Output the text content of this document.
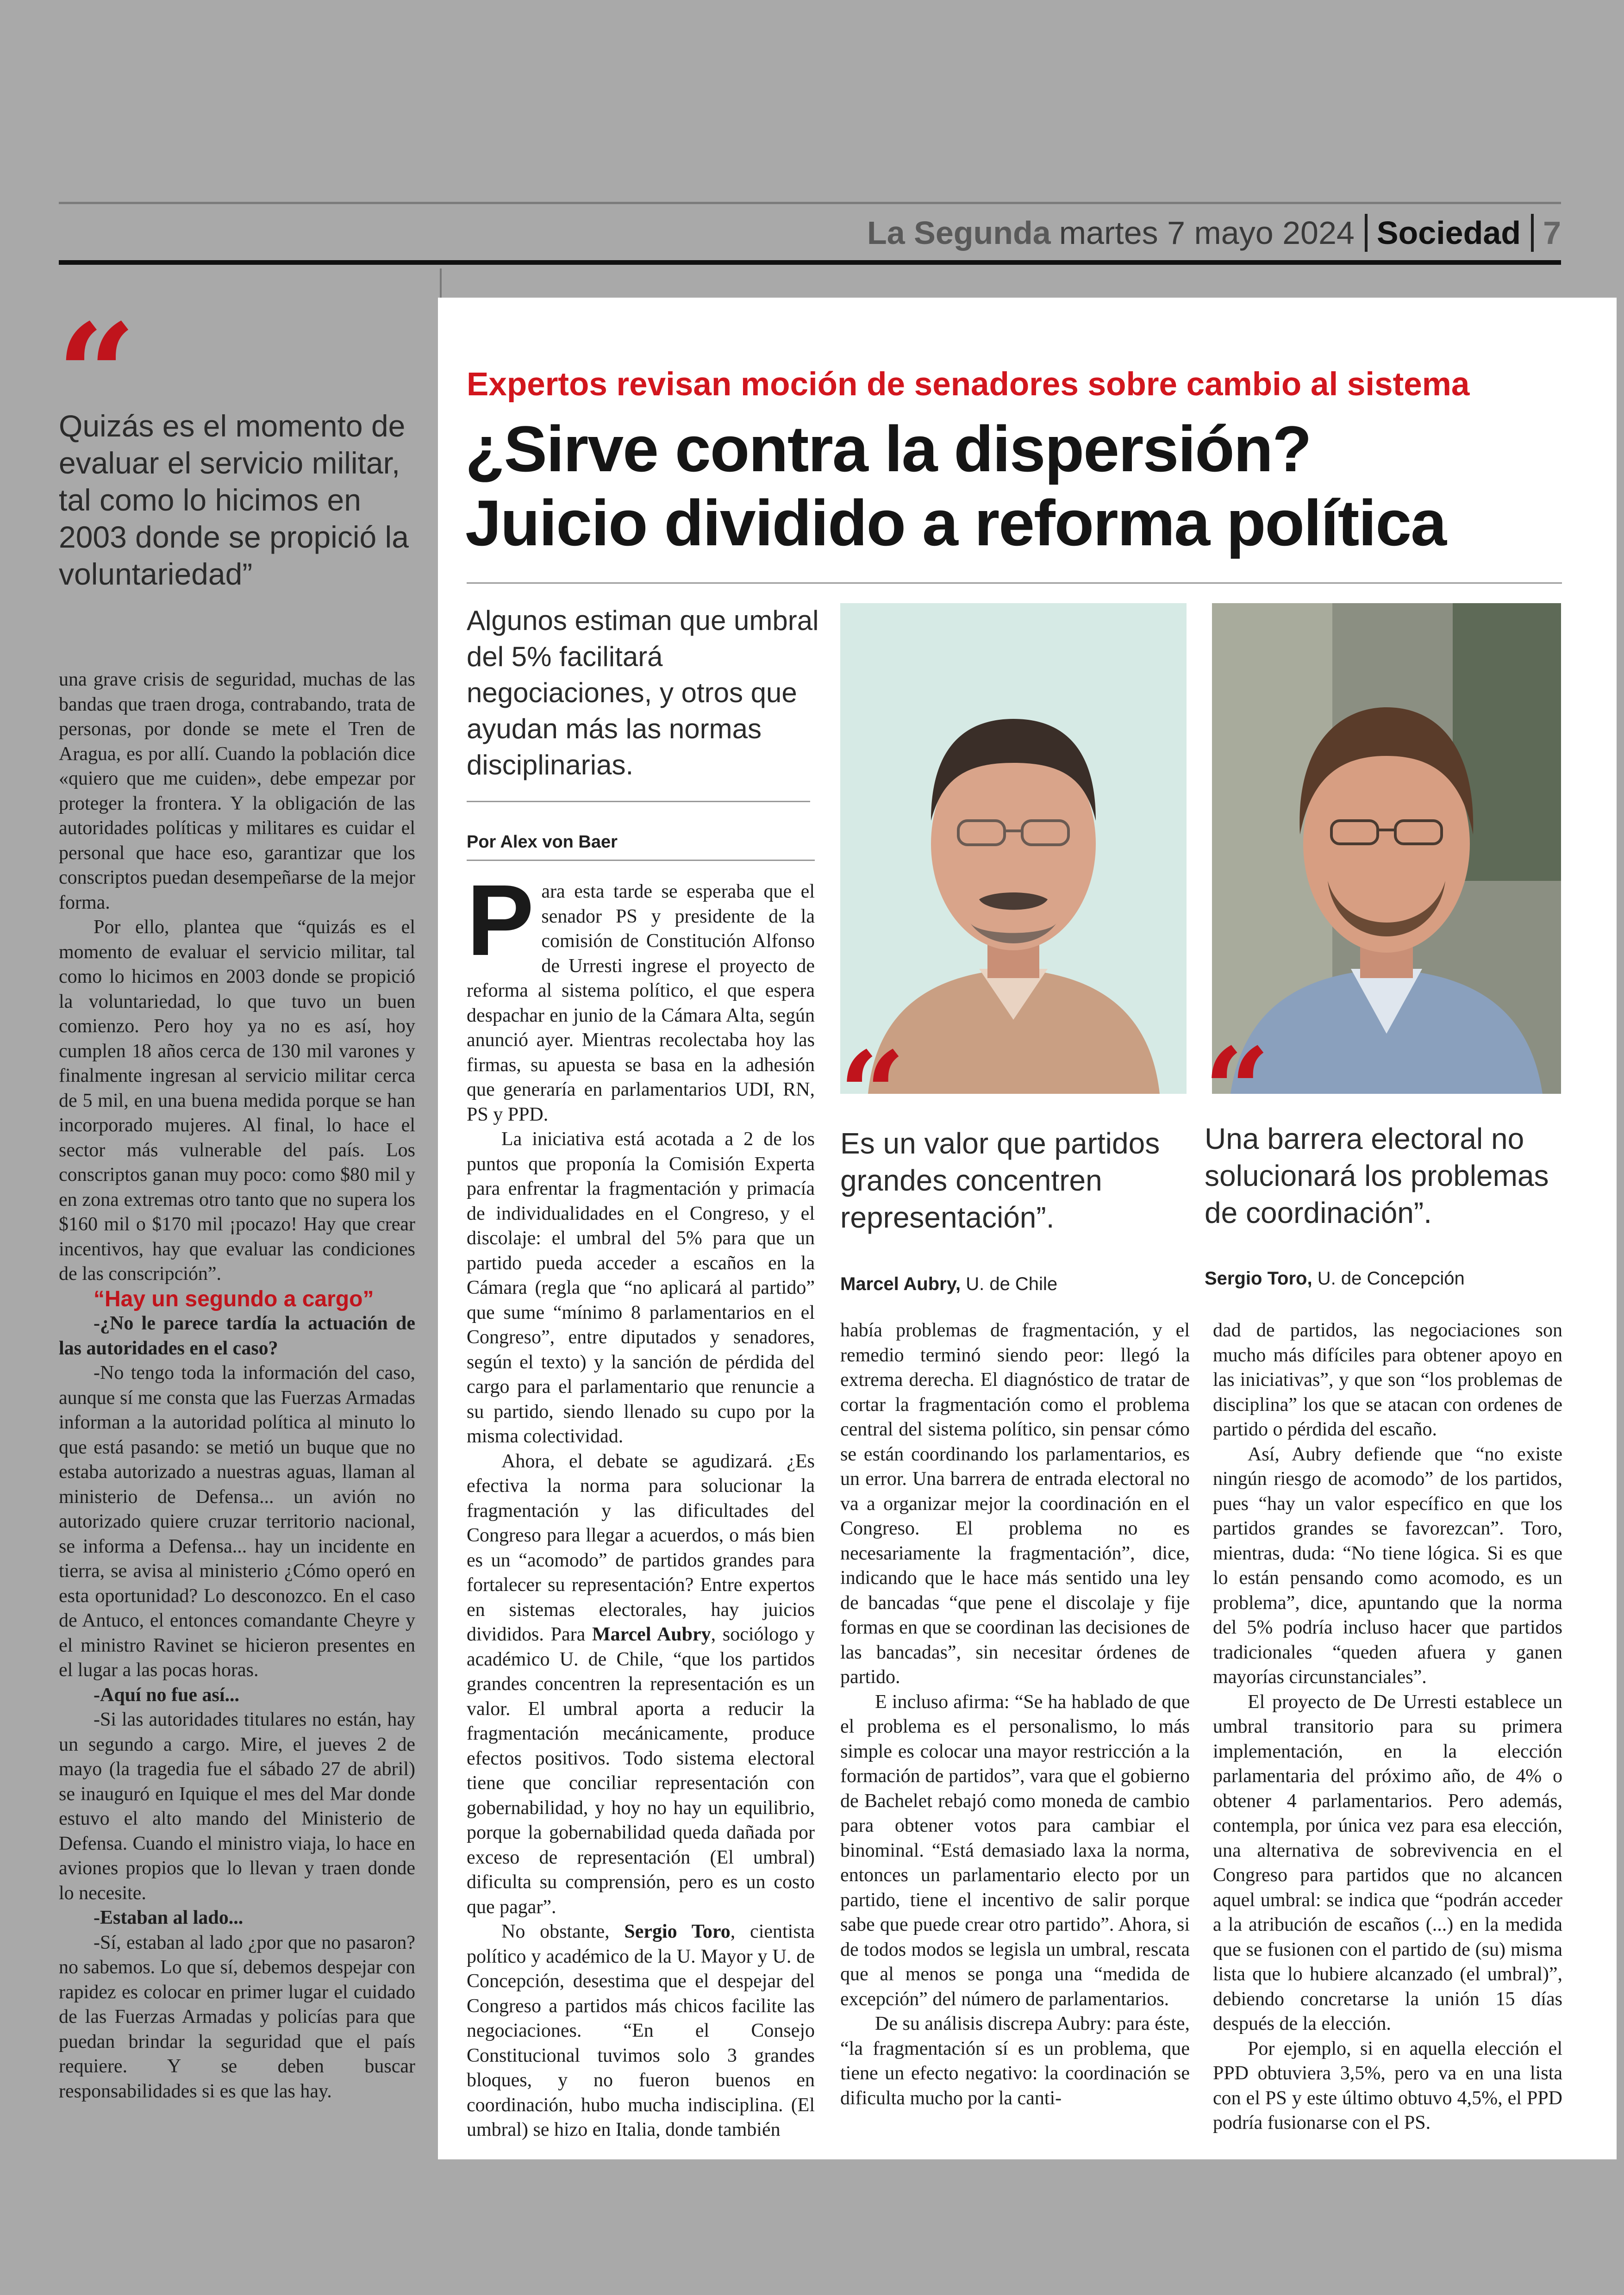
La Segunda martes 7 mayo 2024 Sociedad 7
“
Quizás es el momento de evaluar el servicio militar, tal como lo hicimos en 2003 donde se propició la voluntariedad”

una grave crisis de seguridad, muchas de las bandas que traen droga, contrabando, trata de personas, por donde se mete el Tren de Aragua, es por allí. Cuando la población dice «quiero que me cuiden», debe empezar por proteger la frontera. Y la obligación de las autoridades políticas y militares es cuidar el personal que hace eso, garantizar que los conscriptos puedan desempeñarse de la mejor forma.

Por ello, plantea que “quizás es el momento de evaluar el servicio militar, tal como lo hicimos en 2003 donde se propició la voluntariedad, lo que tuvo un buen comienzo. Pero hoy ya no es así, hoy cumplen 18 años cerca de 130 mil varones y finalmente ingresan al servicio militar cerca de 5 mil, en una buena medida porque se han incorporado mujeres. Al final, lo hace el sector más vulnerable del país. Los conscriptos ganan muy poco: como $80 mil y en zona extremas otro tanto que no supera los $160 mil o $170 mil ¡pocazo! Hay que crear incentivos, hay que evaluar las condiciones de las conscripción”.

“Hay un segundo a cargo”

-¿No le parece tardía la actuación de las autoridades en el caso?

-No tengo toda la información del caso, aunque sí me consta que las Fuerzas Armadas informan a la autoridad política al minuto lo que está pasando: se metió un buque que no estaba autorizado a nuestras aguas, llaman al ministerio de Defensa... un avión no autorizado quiere cruzar territorio nacional, se informa a Defensa... hay un incidente en tierra, se avisa al ministerio ¿Cómo operó en esta oportunidad? Lo desconozco. En el caso de Antuco, el entonces comandante Cheyre y el ministro Ravinet se hicieron presentes en el lugar a las pocas horas.

-Aquí no fue así...

-Si las autoridades titulares no están, hay un segundo a cargo. Mire, el jueves 2 de mayo (la tragedia fue el sábado 27 de abril) se inauguró en Iquique el mes del Mar donde estuvo el alto mando del Ministerio de Defensa. Cuando el ministro viaja, lo hace en aviones propios que lo llevan y traen donde lo necesite.

-Estaban al lado...

-Sí, estaban al lado ¿por que no pasaron? no sabemos. Lo que sí, debemos despejar con rapidez es colocar en primer lugar el cuidado de las Fuerzas Armadas y policías para que puedan brindar la seguridad que el país requiere. Y se deben buscar responsabilidades si es que las hay.

Expertos revisan moción de senadores sobre cambio al sistema
¿Sirve contra la dispersión?
Juicio dividido a reforma política
Algunos estiman que umbral del 5% facilitará negociaciones, y otros que ayudan más las normas disciplinarias.
Por Alex von Baer
“
Es un valor que partidos grandes concentren representación”.
Marcel Aubry, U. de Chile
“
Una barrera electoral no solucionará los problemas de coordinación”.
Sergio Toro, U. de Concepción

Para esta tarde se esperaba que el senador PS y presidente de la comisión de Constitución Alfonso de Urresti ingrese el proyecto de reforma al sistema político, el que espera despachar en junio de la Cámara Alta, según anunció ayer. Mientras recolectaba hoy las firmas, su apuesta se basa en la adhesión que generaría en parlamentarios UDI, RN, PS y PPD.

La iniciativa está acotada a 2 de los puntos que proponía la Comisión Experta para enfrentar la fragmentación y primacía de individualidades en el Congreso, y el discolaje: el umbral del 5% para que un partido pueda acceder a escaños en la Cámara (regla que “no aplicará al partido” que sume “mínimo 8 parlamentarios en el Congreso”, entre diputados y senadores, según el texto) y la sanción de pérdida del cargo para el parlamentario que renuncie a su partido, siendo llenado su cupo por la misma colectividad.

Ahora, el debate se agudizará. ¿Es efectiva la norma para solucionar la fragmentación y las dificultades del Congreso para llegar a acuerdos, o más bien es un “acomodo” de partidos grandes para fortalecer su representación? Entre expertos en sistemas electorales, hay juicios divididos. Para Marcel Aubry, sociólogo y académico U. de Chile, “que los partidos grandes concentren la representación es un valor. El umbral aporta a reducir la fragmentación mecánicamente, produce efectos positivos. Todo sistema electoral tiene que conciliar representación con gobernabilidad, y hoy no hay un equilibrio, porque la gobernabilidad queda dañada por exceso de representación (El umbral) dificulta su comprensión, pero es un costo que pagar”.

No obstante, Sergio Toro, cientista político y académico de la U. Mayor y U. de Concepción, desestima que el despejar del Congreso a partidos más chicos facilite las negociaciones. “En el Consejo Constitucional tuvimos solo 3 grandes bloques, y no fueron buenos en coordinación, hubo mucha indisciplina. (El umbral) se hizo en Italia, donde también

había problemas de fragmentación, y el remedio terminó siendo peor: llegó la extrema derecha. El diagnóstico de tratar de cortar la fragmentación como el problema central del sistema político, sin pensar cómo se están coordinando los parlamentarios, es un error. Una barrera de entrada electoral no va a organizar mejor la coordinación en el Congreso. El problema no es necesariamente la fragmentación”, dice, indicando que le hace más sentido una ley de bancadas “que pene el discolaje y fije formas en que se coordinan las decisiones de las bancadas”, sin necesitar órdenes de partido.

E incluso afirma: “Se ha hablado de que el problema es el personalismo, lo más simple es colocar una mayor restricción a la formación de partidos”, vara que el gobierno de Bachelet rebajó como moneda de cambio para obtener votos para cambiar el binominal. “Está demasiado laxa la norma, entonces un parlamentario electo por un partido, tiene el incentivo de salir porque sabe que puede crear otro partido”. Ahora, si de todos modos se legisla un umbral, rescata que al menos se ponga una “medida de excepción” del número de parlamentarios.

De su análisis discrepa Aubry: para éste, “la fragmentación sí es un problema, que tiene un efecto negativo: la coordinación se dificulta mucho por la canti-

dad de partidos, las negociaciones son mucho más difíciles para obtener apoyo en las iniciativas”, y que son “los problemas de disciplina” los que se atacan con ordenes de partido o pérdida del escaño.

Así, Aubry defiende que “no existe ningún riesgo de acomodo” de los partidos, pues “hay un valor específico en que los partidos grandes se favorezcan”. Toro, mientras, duda: “No tiene lógica. Si es que lo están pensando como acomodo, es un problema”, dice, apuntando que la norma del 5% podría incluso hacer que partidos tradicionales “queden afuera y ganen mayorías circunstanciales”.

El proyecto de De Urresti establece un umbral transitorio para su primera implementación, en la elección parlamentaria del próximo año, de 4% o obtener 4 parlamentarios. Pero además, contempla, por única vez para esa elección, una alternativa de sobrevivencia en el Congreso para partidos que no alcancen aquel umbral: se indica que “podrán acceder a la atribución de escaños (...) en la medida que se fusionen con el partido de (su) misma lista que lo hubiere alcanzado (el umbral)”, debiendo concretarse la unión 15 días después de la elección.

Por ejemplo, si en aquella elección el PPD obtuviera 3,5%, pero va en una lista con el PS y este último obtuvo 4,5%, el PPD podría fusionarse con el PS.
